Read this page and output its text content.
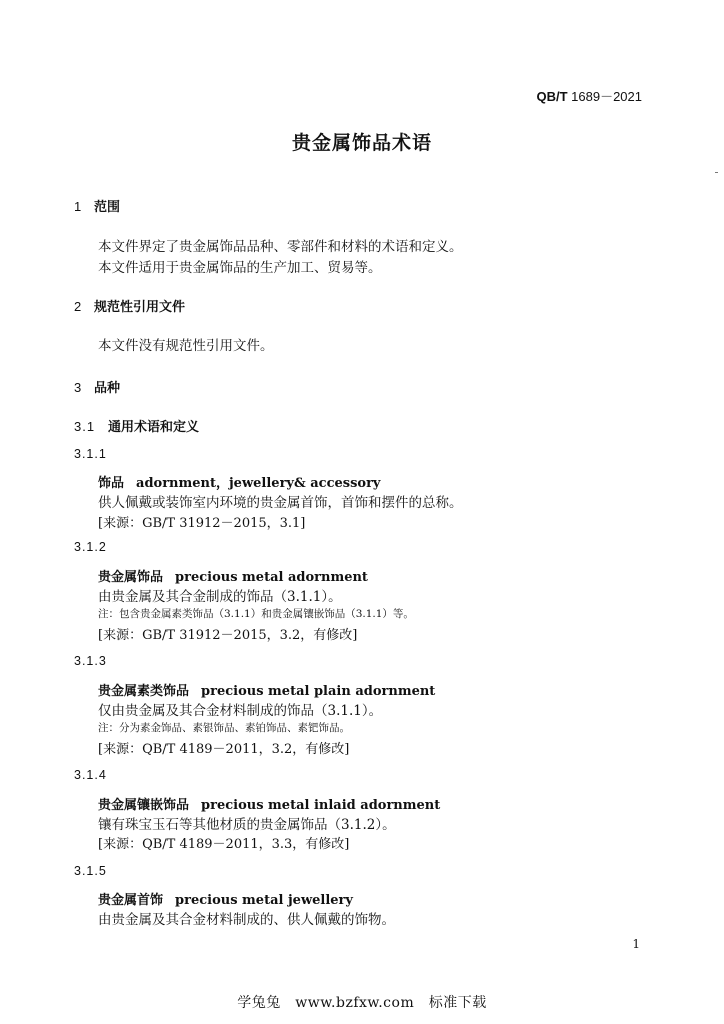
QB/T 1689－2021
贵金属饰品术语
1 范围
本文件界定了贵金属饰品品种、零部件和材料的术语和定义。
本文件适用于贵金属饰品的生产加工、贸易等。
2 规范性引用文件
本文件没有规范性引用文件。
3 品种
3.1 通用术语和定义
3.1.1
饰品 adornment，jewellery& accessory
供人佩戴或装饰室内环境的贵金属首饰，首饰和摆件的总称。
[来源：GB/T 31912－2015，3.1]
3.1.2
贵金属饰品 precious metal adornment
由贵金属及其合金制成的饰品（3.1.1）。
注：包含贵金属素类饰品（3.1.1）和贵金属镶嵌饰品（3.1.1）等。
[来源：GB/T 31912－2015，3.2，有修改]
3.1.3
贵金属素类饰品 precious metal plain adornment
仅由贵金属及其合金材料制成的饰品（3.1.1）。
注：分为素金饰品、素银饰品、素铂饰品、素钯饰品。
[来源：QB/T 4189－2011，3.2，有修改]
3.1.4
贵金属镶嵌饰品 precious metal inlaid adornment
镶有珠宝玉石等其他材质的贵金属饰品（3.1.2）。
[来源：QB/T 4189－2011，3.3，有修改]
3.1.5
贵金属首饰 precious metal jewellery
由贵金属及其合金材料制成的、供人佩戴的饰物。
1
学兔兔　www.bzfxw.com　标准下载
